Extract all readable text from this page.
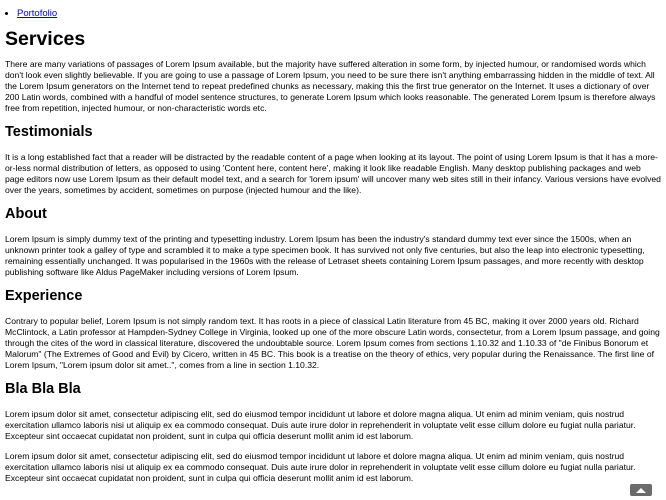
• Portofolio
Services

There are many variations of passages of Lorem Ipsum available, but the majority have suffered alteration in some form, by injected humour, or randomised words which don't look even slightly believable. If you are going to use a passage of Lorem Ipsum, you need to be sure there isn't anything embarrassing hidden in the middle of text. All the Lorem Ipsum generators on the Internet tend to repeat predefined chunks as necessary, making this the first true generator on the Internet. It uses a dictionary of over 200 Latin words, combined with a handful of model sentence structures, to generate Lorem Ipsum which looks reasonable. The generated Lorem Ipsum is therefore always free from repetition, injected humour, or non-characteristic words etc.

Testimonials

It is a long established fact that a reader will be distracted by the readable content of a page when looking at its layout. The point of using Lorem Ipsum is that it has a more-or-less normal distribution of letters, as opposed to using 'Content here, content here', making it look like readable English. Many desktop publishing packages and web page editors now use Lorem Ipsum as their default model text, and a search for 'lorem ipsum' will uncover many web sites still in their infancy. Various versions have evolved over the years, sometimes by accident, sometimes on purpose (injected humour and the like).

About

Lorem Ipsum is simply dummy text of the printing and typesetting industry. Lorem Ipsum has been the industry's standard dummy text ever since the 1500s, when an unknown printer took a galley of type and scrambled it to make a type specimen book. It has survived not only five centuries, but also the leap into electronic typesetting, remaining essentially unchanged. It was popularised in the 1960s with the release of Letraset sheets containing Lorem Ipsum passages, and more recently with desktop publishing software like Aldus PageMaker including versions of Lorem Ipsum.

Experience

Contrary to popular belief, Lorem Ipsum is not simply random text. It has roots in a piece of classical Latin literature from 45 BC, making it over 2000 years old. Richard McClintock, a Latin professor at Hampden-Sydney College in Virginia, looked up one of the more obscure Latin words, consectetur, from a Lorem Ipsum passage, and going through the cites of the word in classical literature, discovered the undoubtable source. Lorem Ipsum comes from sections 1.10.32 and 1.10.33 of "de Finibus Bonorum et Malorum" (The Extremes of Good and Evil) by Cicero, written in 45 BC. This book is a treatise on the theory of ethics, very popular during the Renaissance. The first line of Lorem Ipsum, "Lorem ipsum dolor sit amet..", comes from a line in section 1.10.32.

Bla Bla Bla

Lorem ipsum dolor sit amet, consectetur adipiscing elit, sed do eiusmod tempor incididunt ut labore et dolore magna aliqua. Ut enim ad minim veniam, quis nostrud exercitation ullamco laboris nisi ut aliquip ex ea commodo consequat. Duis aute irure dolor in reprehenderit in voluptate velit esse cillum dolore eu fugiat nulla pariatur. Excepteur sint occaecat cupidatat non proident, sunt in culpa qui officia deserunt mollit anim id est laborum.

Lorem ipsum dolor sit amet, consectetur adipiscing elit, sed do eiusmod tempor incididunt ut labore et dolore magna aliqua. Ut enim ad minim veniam, quis nostrud exercitation ullamco laboris nisi ut aliquip ex ea commodo consequat. Duis aute irure dolor in reprehenderit in voluptate velit esse cillum dolore eu fugiat nulla pariatur. Excepteur sint occaecat cupidatat non proident, sunt in culpa qui officia deserunt mollit anim id est laborum.
